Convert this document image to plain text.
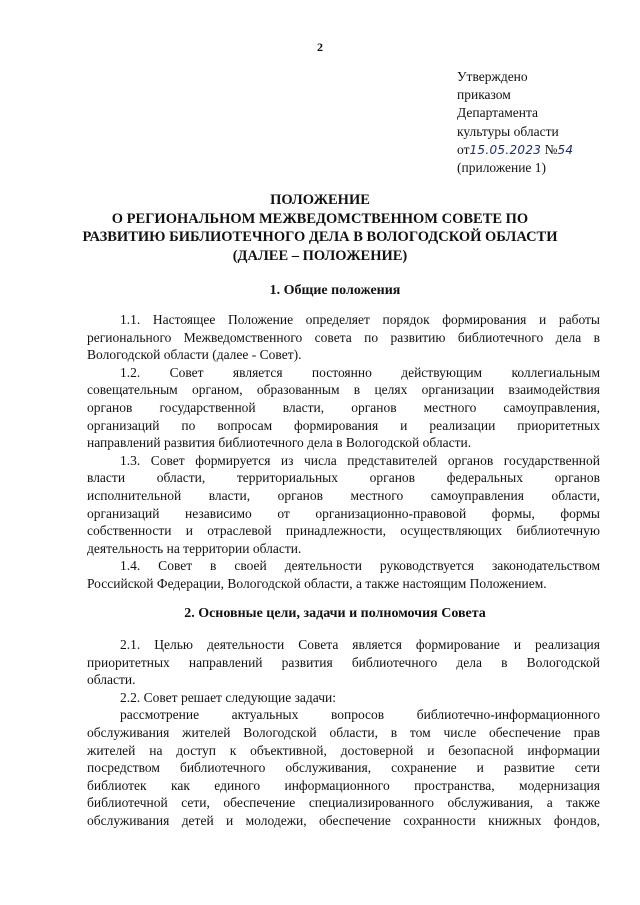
2
Утверждено
приказом
Департамента
культуры области
от15.05.2023 №54
(приложение 1)
ПОЛОЖЕНИЕ
О РЕГИОНАЛЬНОМ МЕЖВЕДОМСТВЕННОМ СОВЕТЕ ПО
РАЗВИТИЮ БИБЛИОТЕЧНОГО ДЕЛА В ВОЛОГОДСКОЙ ОБЛАСТИ
(ДАЛЕЕ – ПОЛОЖЕНИЕ)
1. Общие положения

1.1. Настоящее Положение определяет порядок формирования и работы

регионального Межведомственного совета по развитию библиотечного дела в

Вологодской области (далее - Совет).

1.2. Совет является постоянно действующим коллегиальным

совещательным органом, образованным в целях организации взаимодействия

органов государственной власти, органов местного самоуправления,

организаций по вопросам формирования и реализации приоритетных

направлений развития библиотечного дела в Вологодской области.

1.3. Совет формируется из числа представителей органов государственной

власти области, территориальных органов федеральных органов

исполнительной власти, органов местного самоуправления области,

организаций независимо от организационно-правовой формы, формы

собственности и отраслевой принадлежности, осуществляющих библиотечную

деятельность на территории области.

1.4. Совет в своей деятельности руководствуется законодательством

Российской Федерации, Вологодской области, а также настоящим Положением.

2. Основные цели, задачи и полномочия Совета

2.1. Целью деятельности Совета является формирование и реализация

приоритетных направлений развития библиотечного дела в Вологодской

области.

2.2. Совет решает следующие задачи:

рассмотрение актуальных вопросов библиотечно-информационного

обслуживания жителей Вологодской области, в том числе обеспечение прав

жителей на доступ к объективной, достоверной и безопасной информации

посредством библиотечного обслуживания, сохранение и развитие сети

библиотек как единого информационного пространства, модернизация

библиотечной сети, обеспечение специализированного обслуживания, а также

обслуживания детей и молодежи, обеспечение сохранности книжных фондов,
